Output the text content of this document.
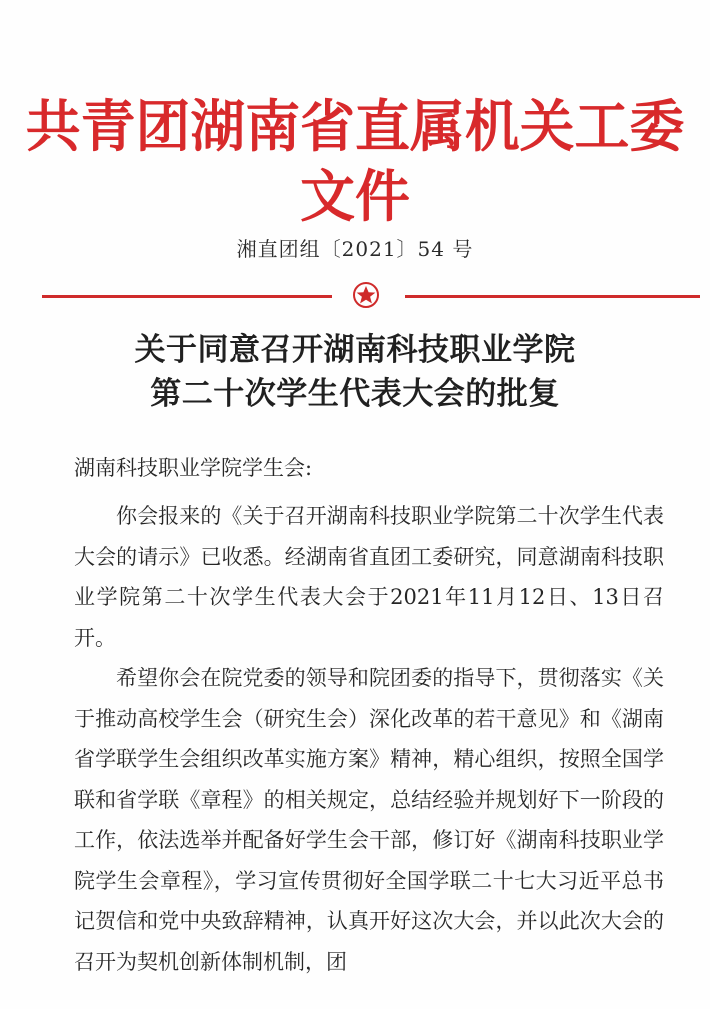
共青团湖南省直属机关工委文件
湘直团组〔2021〕54 号
关于同意召开湖南科技职业学院
第二十次学生代表大会的批复
湖南科技职业学院学生会:

你会报来的《关于召开湖南科技职业学院第二十次学生代表大会的请示》已收悉。经湖南省直团工委研究，同意湖南科技职业学院第二十次学生代表大会于2021年11月12日、13日召开。

希望你会在院党委的领导和院团委的指导下，贯彻落实《关于推动高校学生会（研究生会）深化改革的若干意见》和《湖南省学联学生会组织改革实施方案》精神，精心组织，按照全国学联和省学联《章程》的相关规定，总结经验并规划好下一阶段的工作，依法选举并配备好学生会干部，修订好《湖南科技职业学院学生会章程》，学习宣传贯彻好全国学联二十七大习近平总书记贺信和党中央致辞精神，认真开好这次大会，并以此次大会的召开为契机创新体制机制，团
